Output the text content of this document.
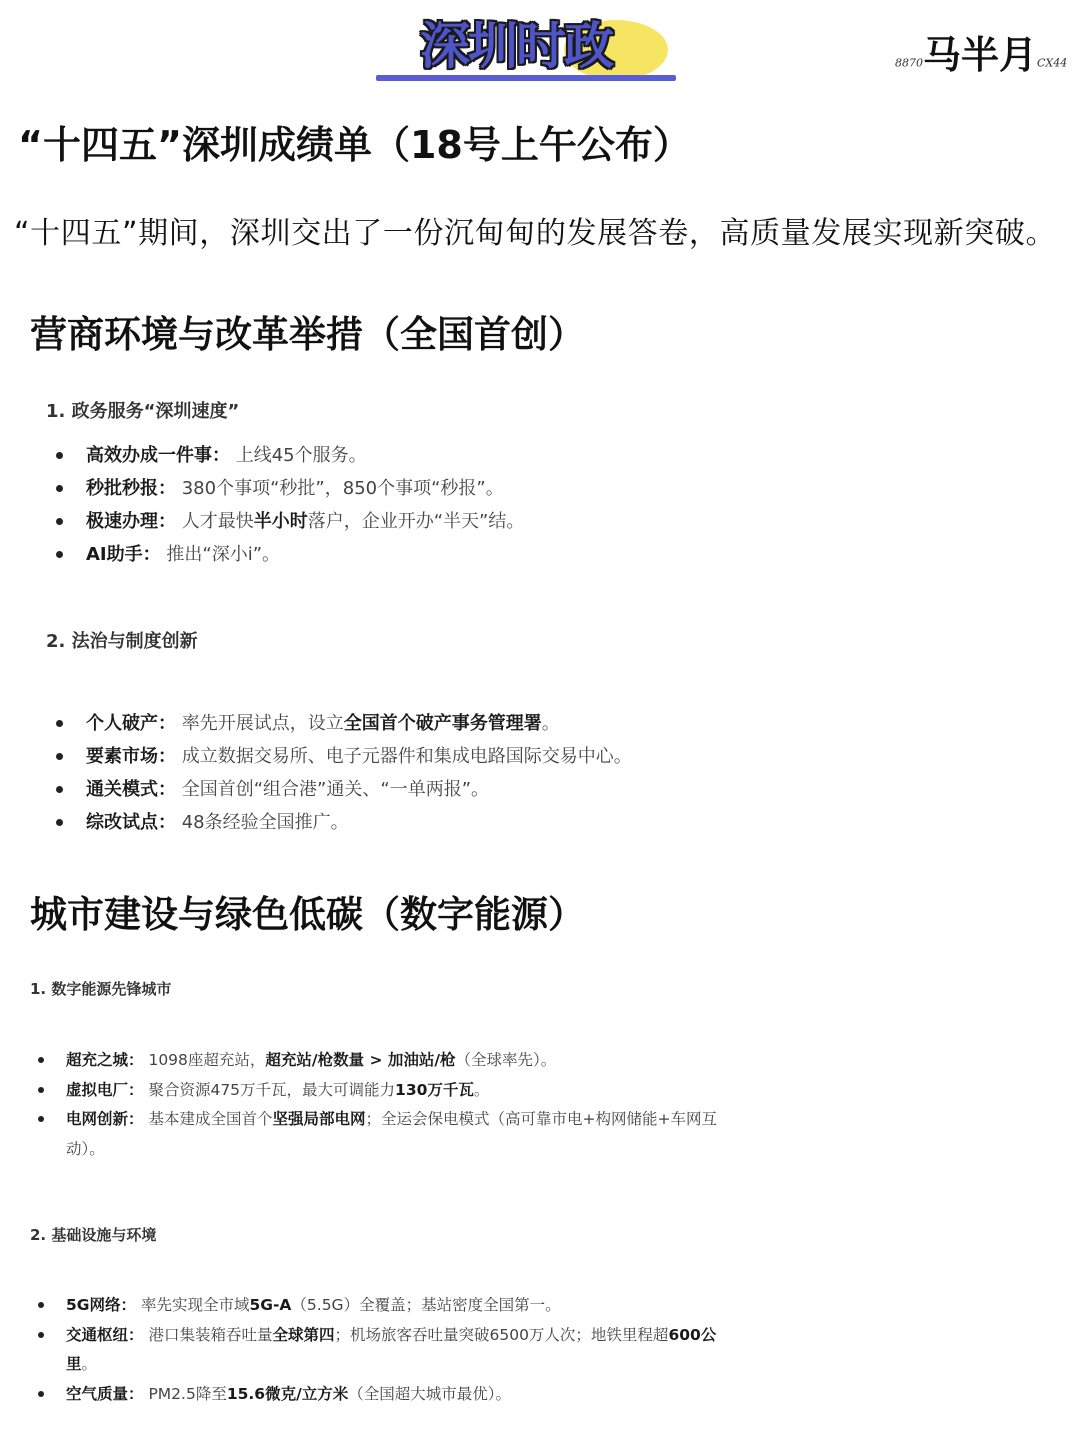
深圳时政	8870马半月CX44
“十四五”深圳成绩单（18号上午公布）
“十四五”期间，深圳交出了一份沉甸甸的发展答卷，高质量发展实现新突破。
营商环境与改革举措（全国首创）
1. 政务服务“深圳速度”
高效办成一件事： 上线45个服务。
秒批秒报： 380个事项“秒批”，850个事项“秒报”。
极速办理： 人才最快半小时落户，企业开办“半天”结。
AI助手： 推出“深小i”。
2. 法治与制度创新
个人破产： 率先开展试点，设立全国首个破产事务管理署。
要素市场： 成立数据交易所、电子元器件和集成电路国际交易中心。
通关模式： 全国首创“组合港”通关、“一单两报”。
综改试点： 48条经验全国推广。
城市建设与绿色低碳（数字能源）
1. 数字能源先锋城市
超充之城： 1098座超充站，超充站/枪数量 > 加油站/枪（全球率先）。
虚拟电厂： 聚合资源475万千瓦，最大可调能力130万千瓦。
电网创新： 基本建成全国首个坚强局部电网；全运会保电模式（高可靠市电+构网储能+车网互动）。
2. 基础设施与环境
5G网络： 率先实现全市域5G-A（5.5G）全覆盖；基站密度全国第一。
交通枢纽： 港口集装箱吞吐量全球第四；机场旅客吞吐量突破6500万人次；地铁里程超600公里。
空气质量： PM2.5降至15.6微克/立方米（全国超大城市最优）。
